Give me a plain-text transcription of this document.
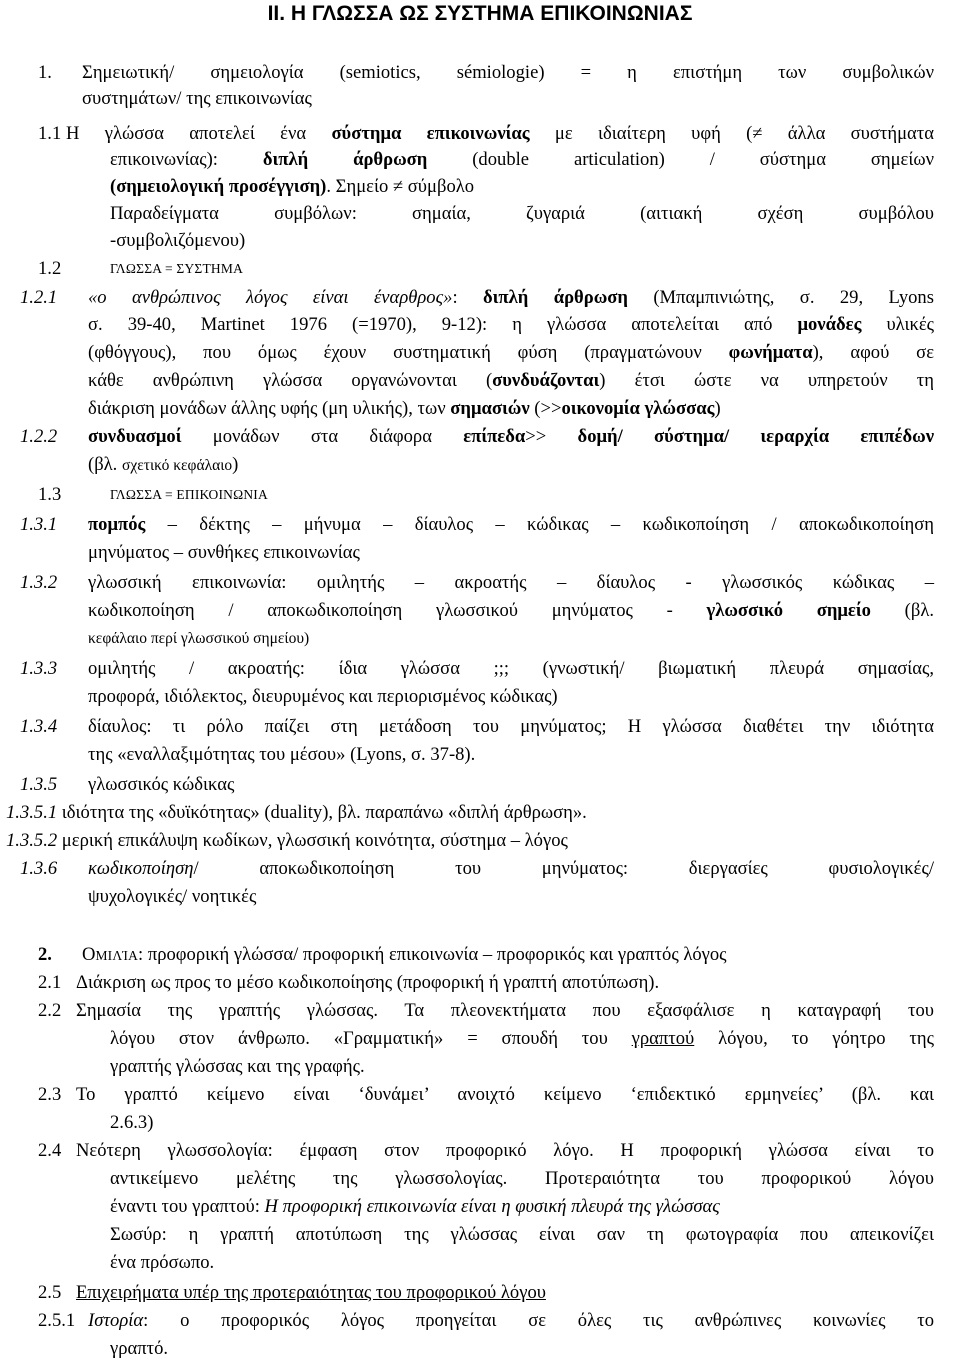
ΙΙ. Η ΓΛΩΣΣΑ ΩΣ ΣΥΣΤΗΜΑ ΕΠΙΚΟΙΝΩΝΙΑΣ
1. Σημειωτική/ σημειολογία (semiotics, sémiologie) = η επιστήμη των συμβολικών
συστημάτων/ της επικοινωνίας
1.1 Η γλώσσα αποτελεί ένα σύστημα επικοινωνίας με ιδιαίτερη υφή (≠ άλλα συστήματα
επικοινωνίας): διπλή άρθρωση (double articulation) / σύστημα σημείων
(σημειολογική προσέγγιση). Σημείο ≠ σύμβολο
Παραδείγματα συμβόλων: σημαία, ζυγαριά (αιτιακή σχέση συμβόλου
-συμβολιζόμενου)
1.2	ΓΛΩΣΣΑ = ΣΥΣΤΗΜΑ
1.2.1 «ο ανθρώπινος λόγος είναι έναρθρος»: διπλή άρθρωση (Μπαμπινιώτης, σ. 29, Lyons
σ. 39-40, Martinet 1976 (=1970), 9-12): η γλώσσα αποτελείται από μονάδες υλικές
(φθόγγους), που όμως έχουν συστηματική φύση (πραγματώνουν φωνήματα), αφού σε
κάθε ανθρώπινη γλώσσα οργανώνονται (συνδυάζονται) έτσι ώστε να υπηρετούν τη
διάκριση μονάδων άλλης υφής (μη υλικής), των σημασιών (>>οικονομία γλώσσας)
1.2.2 συνδυασμοί μονάδων στα διάφορα επίπεδα>> δομή/ σύστημα/ ιεραρχία επιπέδων
(βλ. σχετικό κεφάλαιο)
1.3	ΓΛΩΣΣΑ = ΕΠΙΚΟΙΝΩΝΙΑ
1.3.1 πομπός – δέκτης – μήνυμα – δίαυλος – κώδικας – κωδικοποίηση / αποκωδικοποίηση
μηνύματος – συνθήκες επικοινωνίας
1.3.2 γλωσσική επικοινωνία: ομιλητής – ακροατής – δίαυλος - γλωσσικός κώδικας –
κωδικοποίηση / αποκωδικοποίηση γλωσσικού μηνύματος - γλωσσικό σημείο (βλ.
κεφάλαιο περί γλωσσικού σημείου)
1.3.3 ομιλητής / ακροατής: ίδια γλώσσα ;;; (γνωστική/ βιωματική πλευρά σημασίας,
προφορά, ιδιόλεκτος, διευρυμένος και περιορισμένος κώδικας)
1.3.4 δίαυλος: τι ρόλο παίζει στη μετάδοση του μηνύματος; Η γλώσσα διαθέτει την ιδιότητα
της «εναλλαξιμότητας του μέσου» (Lyons, σ. 37-8).
1.3.5 γλωσσικός κώδικας
1.3.5.1 ιδιότητα της «δυϊκότητας» (duality), βλ. παραπάνω «διπλή άρθρωση».
1.3.5.2 μερική επικάλυψη κωδίκων, γλωσσική κοινότητα, σύστημα – λόγος
1.3.6 κωδικοποίηση/ αποκωδικοποίηση του μηνύματος: διεργασίες φυσιολογικές/
ψυχολογικές/ νοητικές
2. ΟΜΙΛΊΑ: προφορική γλώσσα/ προφορική επικοινωνία – προφορικός και γραπτός λόγος
2.1 Διάκριση ως προς το μέσο κωδικοποίησης (προφορική ή γραπτή αποτύπωση).
2.2 Σημασία της γραπτής γλώσσας. Τα πλεονεκτήματα που εξασφάλισε η καταγραφή του
λόγου στον άνθρωπο. «Γραμματική» = σπουδή του γραπτού λόγου, το γόητρο της
γραπτής γλώσσας και της γραφής.
2.3 Το γραπτό κείμενο είναι ‘δυνάμει’ ανοιχτό κείμενο ‘επιδεκτικό ερμηνείες’ (βλ. και
2.6.3)
2.4 Νεότερη γλωσσολογία: έμφαση στον προφορικό λόγο. Η προφορική γλώσσα είναι το
αντικείμενο μελέτης της γλωσσολογίας. Προτεραιότητα του προφορικού λόγου
έναντι του γραπτού: Η προφορική επικοινωνία είναι η φυσική πλευρά της γλώσσας
Σωσύρ: η γραπτή αποτύπωση της γλώσσας είναι σαν τη φωτογραφία που απεικονίζει
ένα πρόσωπο.
2.5 Επιχειρήματα υπέρ της προτεραιότητας του προφορικού λόγου
2.5.1 Ιστορία: ο προφορικός λόγος προηγείται σε όλες τις ανθρώπινες κοινωνίες το
γραπτό.
